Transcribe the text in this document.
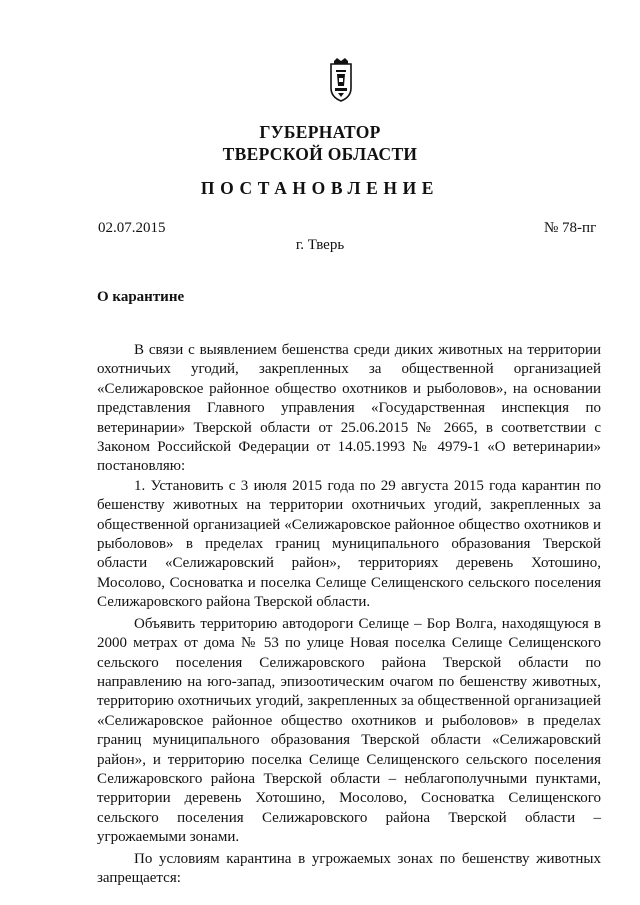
ГУБЕРНАТОР
ТВЕРСКОЙ ОБЛАСТИ
ПОСТАНОВЛЕНИЕ
02.07.2015	№ 78-пг
г. Тверь
О карантине

В связи с выявлением бешенства среди диких животных на территории охотничьих угодий, закрепленных за общественной организацией «Селижаровское районное общество охотников и рыболовов», на основании представления Главного управления «Государственная инспекция по ветеринарии» Тверской области от 25.06.2015 № 2665, в соответствии с Законом Российской Федерации от 14.05.1993 № 4979-1 «О ветеринарии» постановляю:

1. Установить с 3 июля 2015 года по 29 августа 2015 года карантин по бешенству животных на территории охотничьих угодий, закрепленных за общественной организацией «Селижаровское районное общество охотников и рыболовов» в пределах границ муниципального образования Тверской области «Селижаровский район», территориях деревень Хотошино, Мосолово, Сосноватка и поселка Селище Селищенского сельского поселения Селижаровского района Тверской области.

Объявить территорию автодороги Селище – Бор Волга, находящуюся в 2000 метрах от дома № 53 по улице Новая поселка Селище Селищенского сельского поселения Селижаровского района Тверской области по направлению на юго-запад, эпизоотическим очагом по бешенству животных, территорию охотничьих угодий, закрепленных за общественной организацией «Селижаровское районное общество охотников и рыболовов» в пределах границ муниципального образования Тверской области «Селижаровский район», и территорию поселка Селище Селищенского сельского поселения Селижаровского района Тверской области – неблагополучными пунктами, территории деревень Хотошино, Мосолово, Сосноватка Селищенского сельского поселения Селижаровского района Тверской области – угрожаемыми зонами.

По условиям карантина в угрожаемых зонах по бешенству животных запрещается:
